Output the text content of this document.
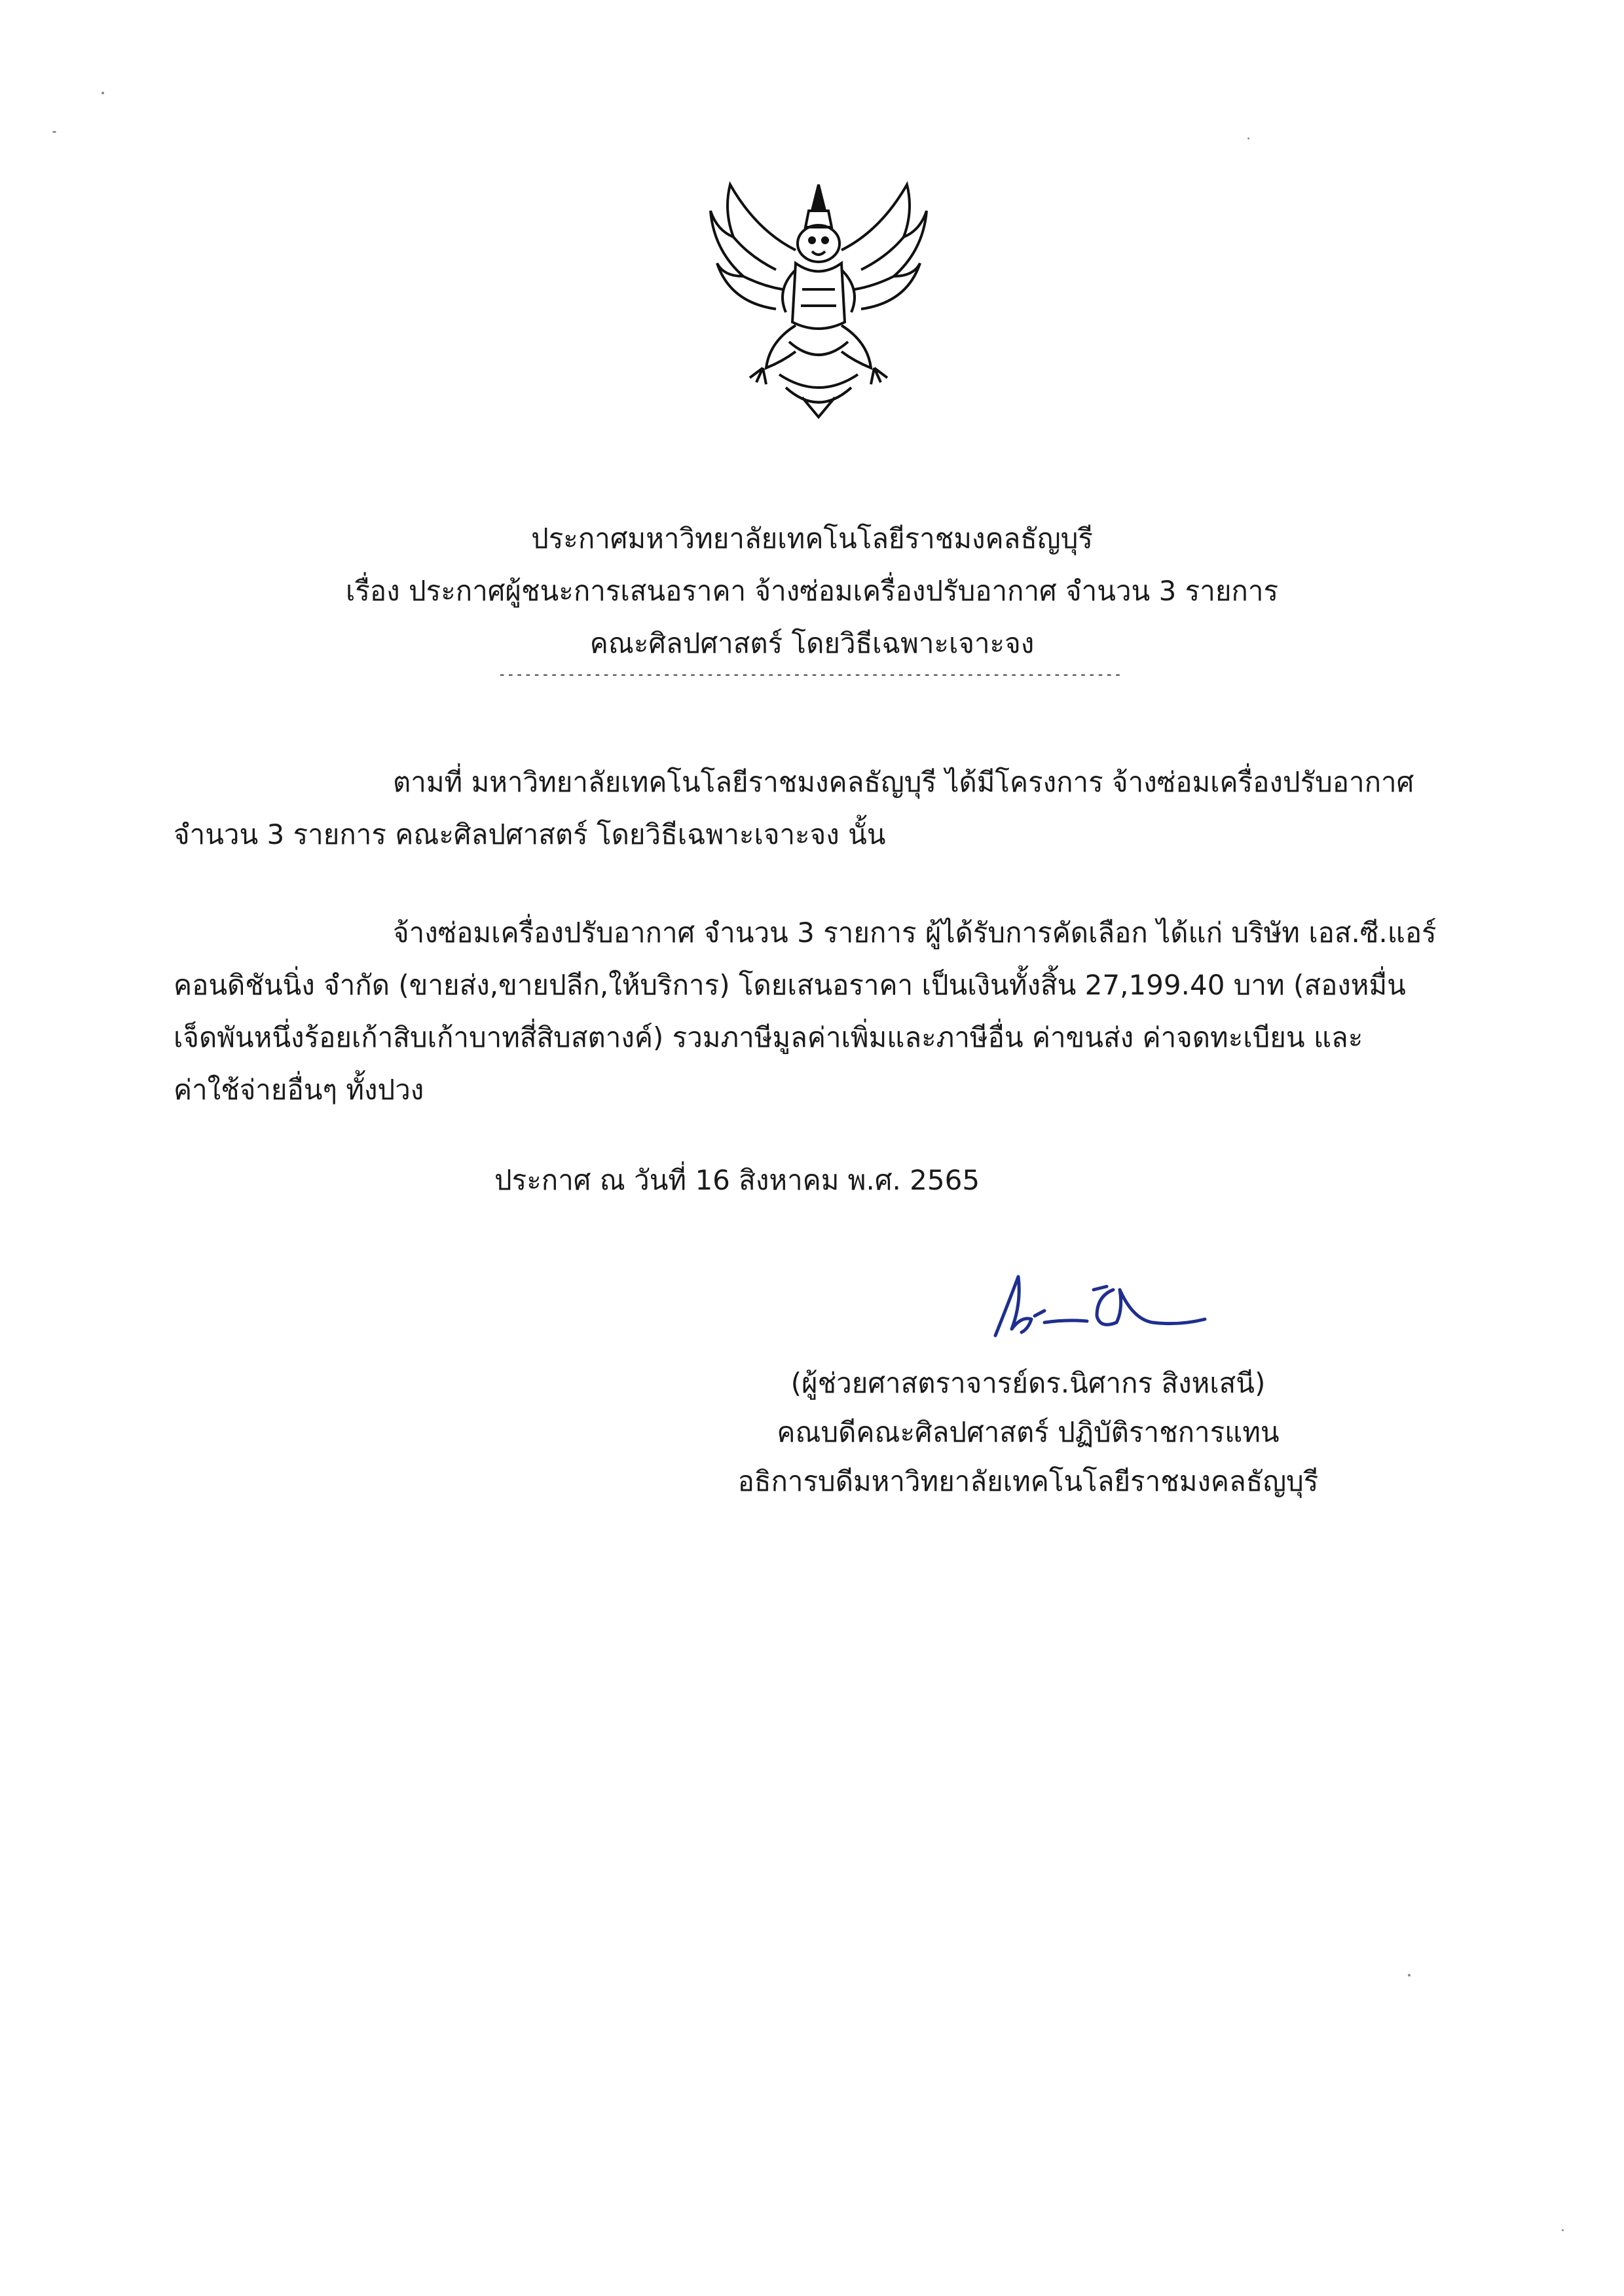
ประกาศมหาวิทยาลัยเทคโนโลยีราชมงคลธัญบุรี
เรื่อง ประกาศผู้ชนะการเสนอราคา จ้างซ่อมเครื่องปรับอากาศ จำนวน 3 รายการ
คณะศิลปศาสตร์ โดยวิธีเฉพาะเจาะจง
------------------------------------------------------------------------
ตามที่ มหาวิทยาลัยเทคโนโลยีราชมงคลธัญบุรี ได้มีโครงการ จ้างซ่อมเครื่องปรับอากาศ
จำนวน 3 รายการ คณะศิลปศาสตร์ โดยวิธีเฉพาะเจาะจง นั้น
จ้างซ่อมเครื่องปรับอากาศ จำนวน 3 รายการ ผู้ได้รับการคัดเลือก ได้แก่ บริษัท เอส.ซี.แอร์
คอนดิชันนิ่ง จำกัด (ขายส่ง,ขายปลีก,ให้บริการ) โดยเสนอราคา เป็นเงินทั้งสิ้น 27,199.40 บาท (สองหมื่น
เจ็ดพันหนึ่งร้อยเก้าสิบเก้าบาทสี่สิบสตางค์) รวมภาษีมูลค่าเพิ่มและภาษีอื่น ค่าขนส่ง ค่าจดทะเบียน และ
ค่าใช้จ่ายอื่นๆ ทั้งปวง
ประกาศ ณ วันที่ 16 สิงหาคม พ.ศ. 2565
(ผู้ช่วยศาสตราจารย์ดร.นิศากร สิงหเสนี)
คณบดีคณะศิลปศาสตร์ ปฏิบัติราชการแทน
อธิการบดีมหาวิทยาลัยเทคโนโลยีราชมงคลธัญบุรี
